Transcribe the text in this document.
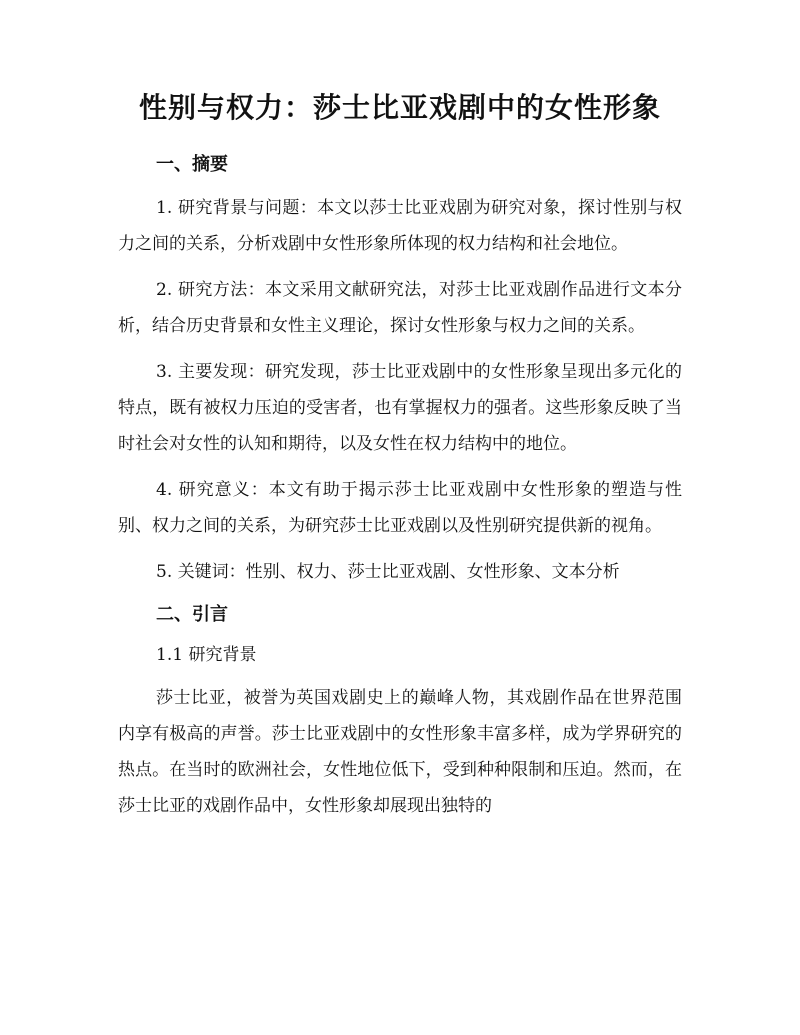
性别与权力：莎士比亚戏剧中的女性形象
一、摘要

1. 研究背景与问题：本文以莎士比亚戏剧为研究对象，探讨性别与权力之间的关系，分析戏剧中女性形象所体现的权力结构和社会地位。

2. 研究方法：本文采用文献研究法，对莎士比亚戏剧作品进行文本分析，结合历史背景和女性主义理论，探讨女性形象与权力之间的关系。

3. 主要发现：研究发现，莎士比亚戏剧中的女性形象呈现出多元化的特点，既有被权力压迫的受害者，也有掌握权力的强者。这些形象反映了当时社会对女性的认知和期待，以及女性在权力结构中的地位。

4. 研究意义：本文有助于揭示莎士比亚戏剧中女性形象的塑造与性别、权力之间的关系，为研究莎士比亚戏剧以及性别研究提供新的视角。

5. 关键词：性别、权力、莎士比亚戏剧、女性形象、文本分析

二、引言
1.1 研究背景

莎士比亚，被誉为英国戏剧史上的巅峰人物，其戏剧作品在世界范围内享有极高的声誉。莎士比亚戏剧中的女性形象丰富多样，成为学界研究的热点。在当时的欧洲社会，女性地位低下，受到种种限制和压迫。然而，在莎士比亚的戏剧作品中，女性形象却展现出独特的
